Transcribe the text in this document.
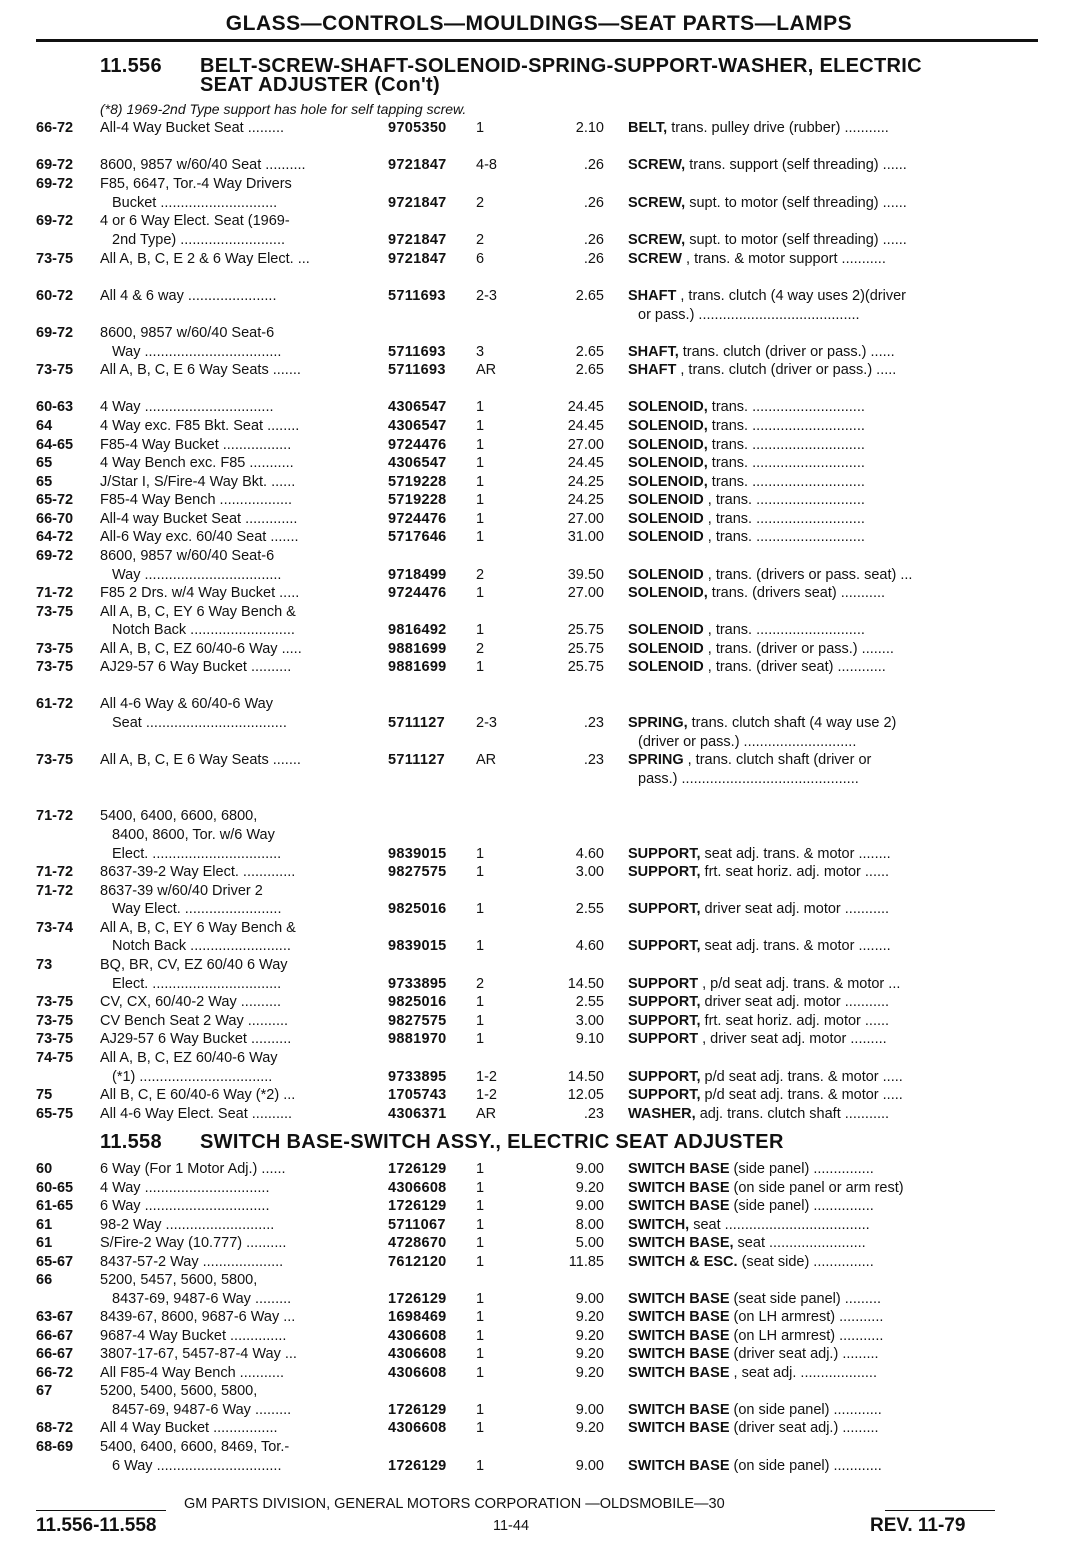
GLASS—CONTROLS—MOULDINGS—SEAT PARTS—LAMPS
11.556 BELT-SCREW-SHAFT-SOLENOID-SPRING-SUPPORT-WASHER, ELECTRIC
SEAT ADJUSTER (Con't)
(*8) 1969-2nd Type support has hole for self tapping screw.
11.558 SWITCH BASE-SWITCH ASSY., ELECTRIC SEAT ADJUSTER
66-72 All-4 Way Bucket Seat .........	9705350 1	2.10 BELT, trans. pulley drive (rubber) ...........
69-72 8600, 9857 w/60/40 Seat ..........	9721847 4-8	.26 SCREW, trans. support (self threading) ......
69-72 F85, 6647, Tor.-4 Way Drivers
Bucket .............................	9721847 2	.26 SCREW, supt. to motor (self threading) ......
69-72 4 or 6 Way Elect. Seat (1969-
2nd Type) ..........................	9721847 2	.26 SCREW, supt. to motor (self threading) ......
73-75 All A, B, C, E 2 & 6 Way Elect. ...	9721847 6	.26 SCREW , trans. & motor support ...........
60-72 All 4 & 6 way ......................	5711693 2-3	2.65 SHAFT , trans. clutch (4 way uses 2)(driver
or pass.) ........................................
69-72 8600, 9857 w/60/40 Seat-6
Way ..................................	5711693 3	2.65 SHAFT, trans. clutch (driver or pass.) ......
73-75 All A, B, C, E 6 Way Seats .......	5711693 AR	2.65 SHAFT , trans. clutch (driver or pass.) .....
60-63 4 Way ................................	4306547 1	24.45 SOLENOID, trans. ............................
64	4 Way exc. F85 Bkt. Seat ........	4306547 1	24.45 SOLENOID, trans. ............................
64-65 F85-4 Way Bucket .................	9724476 1	27.00 SOLENOID, trans. ............................
65	4 Way Bench exc. F85 ...........	4306547 1	24.45 SOLENOID, trans. ............................
65	J/Star I, S/Fire-4 Way Bkt. ......	5719228 1	24.25 SOLENOID, trans. ............................
65-72 F85-4 Way Bench ..................	5719228 1	24.25 SOLENOID , trans. ...........................
66-70 All-4 way Bucket Seat .............	9724476 1	27.00 SOLENOID , trans. ...........................
64-72 All-6 Way exc. 60/40 Seat .......	5717646 1	31.00 SOLENOID , trans. ...........................
69-72 8600, 9857 w/60/40 Seat-6
Way ..................................	9718499 2	39.50 SOLENOID , trans. (drivers or pass. seat) ...
71-72 F85 2 Drs. w/4 Way Bucket .....	9724476 1	27.00 SOLENOID, trans. (drivers seat) ...........
73-75 All A, B, C, EY 6 Way Bench &
Notch Back ..........................	9816492 1	25.75 SOLENOID , trans. ...........................
73-75 All A, B, C, EZ 60/40-6 Way .....	9881699 2	25.75 SOLENOID , trans. (driver or pass.) ........
73-75 AJ29-57 6 Way Bucket ..........	9881699 1	25.75 SOLENOID , trans. (driver seat) ............
61-72 All 4-6 Way & 60/40-6 Way
Seat ...................................	5711127 2-3	.23 SPRING, trans. clutch shaft (4 way use 2)
(driver or pass.) ............................
73-75 All A, B, C, E 6 Way Seats .......	5711127 AR	.23 SPRING , trans. clutch shaft (driver or
pass.) ............................................
71-72 5400, 6400, 6600, 6800,
8400, 8600, Tor. w/6 Way
Elect. ................................	9839015 1	4.60 SUPPORT, seat adj. trans. & motor ........
71-72 8637-39-2 Way Elect. .............	9827575 1	3.00 SUPPORT, frt. seat horiz. adj. motor ......
71-72 8637-39 w/60/40 Driver 2
Way Elect. ........................	9825016 1	2.55 SUPPORT, driver seat adj. motor ...........
73-74 All A, B, C, EY 6 Way Bench &
Notch Back .........................	9839015 1	4.60 SUPPORT, seat adj. trans. & motor ........
73	BQ, BR, CV, EZ 60/40 6 Way
Elect. ................................	9733895 2	14.50 SUPPORT , p/d seat adj. trans. & motor ...
73-75 CV, CX, 60/40-2 Way ..........	9825016 1	2.55 SUPPORT, driver seat adj. motor ...........
73-75 CV Bench Seat 2 Way ..........	9827575 1	3.00 SUPPORT, frt. seat horiz. adj. motor ......
73-75 AJ29-57 6 Way Bucket ..........	9881970 1	9.10 SUPPORT , driver seat adj. motor .........
74-75 All A, B, C, EZ 60/40-6 Way
(*1) .................................	9733895 1-2	14.50 SUPPORT, p/d seat adj. trans. & motor .....
75	All B, C, E 60/40-6 Way (*2) ...	1705743 1-2	12.05 SUPPORT, p/d seat adj. trans. & motor .....
65-75 All 4-6 Way Elect. Seat ..........	4306371 AR	.23 WASHER, adj. trans. clutch shaft ...........
60	6 Way (For 1 Motor Adj.) ......	1726129 1	9.00 SWITCH BASE (side panel) ...............
60-65 4 Way ...............................	4306608 1	9.20 SWITCH BASE (on side panel or arm rest)
61-65 6 Way ...............................	1726129 1	9.00 SWITCH BASE (side panel) ...............
61	98-2 Way ...........................	5711067 1	8.00 SWITCH, seat ....................................
61	S/Fire-2 Way (10.777) ..........	4728670 1	5.00 SWITCH BASE, seat ........................
65-67 8437-57-2 Way ....................	7612120 1	11.85 SWITCH & ESC. (seat side) ...............
66	5200, 5457, 5600, 5800,
8437-69, 9487-6 Way .........	1726129 1	9.00 SWITCH BASE (seat side panel) .........
63-67 8439-67, 8600, 9687-6 Way ...	1698469 1	9.20 SWITCH BASE (on LH armrest) ...........
66-67 9687-4 Way Bucket ..............	4306608 1	9.20 SWITCH BASE (on LH armrest) ...........
66-67 3807-17-67, 5457-87-4 Way ...	4306608 1	9.20 SWITCH BASE (driver seat adj.) .........
66-72 All F85-4 Way Bench ...........	4306608 1	9.20 SWITCH BASE , seat adj. ...................
67	5200, 5400, 5600, 5800,
8457-69, 9487-6 Way .........	1726129 1	9.00 SWITCH BASE (on side panel) ............
68-72 All 4 Way Bucket ................	4306608 1	9.20 SWITCH BASE (driver seat adj.) .........
68-69 5400, 6400, 6600, 8469, Tor.-
6 Way ...............................	1726129 1	9.00 SWITCH BASE (on side panel) ............
GM PARTS DIVISION, GENERAL MOTORS CORPORATION —OLDSMOBILE—30
11.556-11.558	11-44	REV. 11-79
